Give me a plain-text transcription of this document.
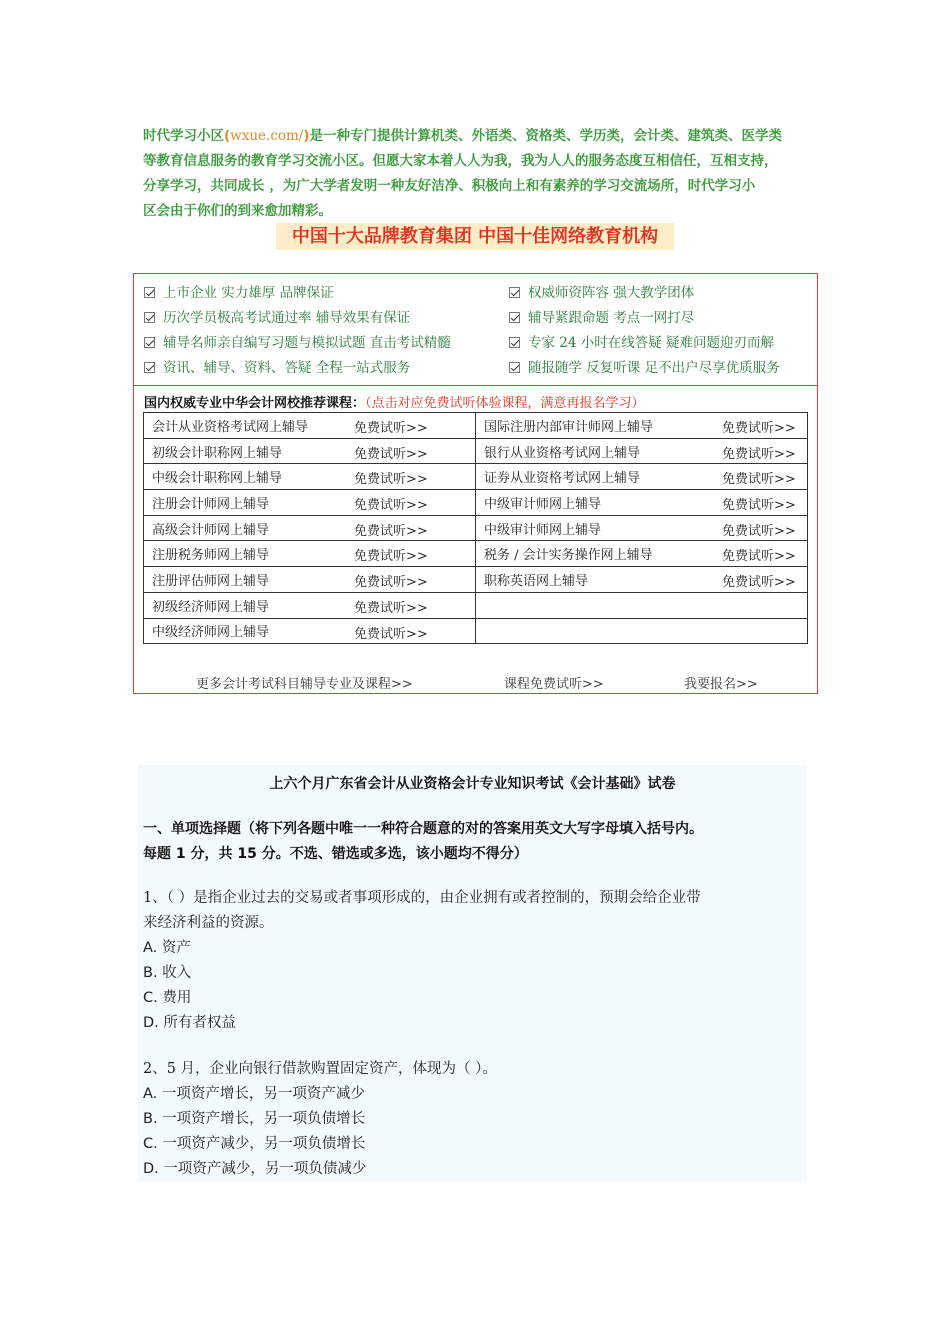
时代学习小区(wxue.com/)是一种专门提供计算机类、外语类、资格类、学历类，会计类、建筑类、医学类
等教育信息服务的教育学习交流小区。但愿大家本着人人为我，我为人人的服务态度互相信任，互相支持，
分享学习，共同成长 ，为广大学者发明一种友好洁净、积极向上和有素养的学习交流场所，时代学习小
区会由于你们的到来愈加精彩。
中国十大品牌教育集团 中国十佳网络教育机构
上市企业 实力雄厚 品牌保证	权威师资阵容 强大教学团体
历次学员极高考试通过率 辅导效果有保证	辅导紧跟命题 考点一网打尽
辅导名师亲自编写习题与模拟试题 直击考试精髓	专家 24 小时在线答疑 疑难问题迎刃而解
资讯、辅导、资料、答疑 全程一站式服务	随报随学 反复听课 足不出户尽享优质服务
国内权威专业中华会计网校推荐课程：（点击对应免费试听体验课程，满意再报名学习）
会计从业资格考试网上辅导 免费试听>>	国际注册内部审计师网上辅导 免费试听>>

初级会计职称网上辅导 免费试听>>	银行从业资格考试网上辅导 免费试听>>

中级会计职称网上辅导 免费试听>>	证券从业资格考试网上辅导 免费试听>>

注册会计师网上辅导 免费试听>>	中级审计师网上辅导 免费试听>>

高级会计师网上辅导 免费试听>>	中级审计师网上辅导 免费试听>>

注册税务师网上辅导 免费试听>>	税务 / 会计实务操作网上辅导 免费试听>>

注册评估师网上辅导 免费试听>>	职称英语网上辅导 免费试听>>

初级经济师网上辅导 免费试听>>	

中级经济师网上辅导 免费试听>>	

更多会计考试科目辅导专业及课程>>	课程免费试听>>	我要报名>>
上六个月广东省会计从业资格会计专业知识考试《会计基础》试卷
一、单项选择题（将下列各题中唯一一种符合题意的对的答案用英文大写字母填入括号内。
每题 1 分，共 15 分。不选、错选或多选，该小题均不得分）
1、（ ）是指企业过去的交易或者事项形成的，由企业拥有或者控制的，预期会给企业带
来经济利益的资源。
A. 资产
B. 收入
C. 费用
D. 所有者权益
2、5 月，企业向银行借款购置固定资产，体现为（ ）。
A. 一项资产增长，另一项资产减少
B. 一项资产增长，另一项负债增长
C. 一项资产减少，另一项负债增长
D. 一项资产减少，另一项负债减少
